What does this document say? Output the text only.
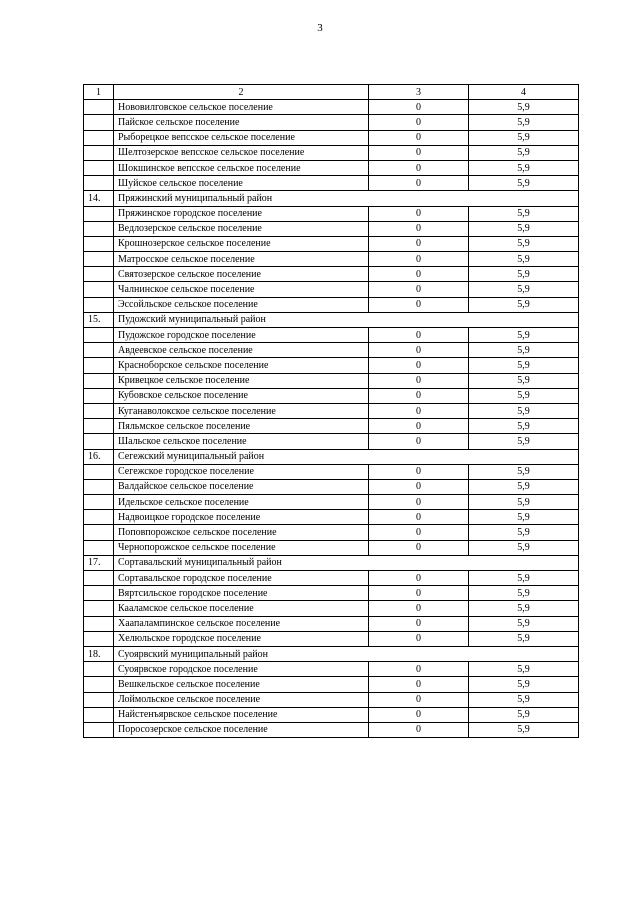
3
1	2	3	4
	Нововилговское сельское поселение	0	5,9
	Пайское сельское поселение	0	5,9
	Рыборецкое вепсское сельское поселение	0	5,9
	Шелтозерское вепсское сельское поселение	0	5,9
	Шокшинское вепсское сельское поселение	0	5,9
	Шуйское сельское поселение	0	5,9
14.	Пряжинский муниципальный район		
	Пряжинское городское поселение	0	5,9
	Ведлозерское сельское поселение	0	5,9
	Крошнозерское сельское поселение	0	5,9
	Матросское сельское поселение	0	5,9
	Святозерское сельское поселение	0	5,9
	Чалнинское сельское поселение	0	5,9
	Эссойльское сельское поселение	0	5,9
15.	Пудожский муниципальный район		
	Пудожское городское поселение	0	5,9
	Авдеевское сельское поселение	0	5,9
	Красноборское сельское поселение	0	5,9
	Кривецкое сельское поселение	0	5,9
	Кубовское сельское поселение	0	5,9
	Куганаволокское сельское поселение	0	5,9
	Пяльмское сельское поселение	0	5,9
	Шальское сельское поселение	0	5,9
16.	Сегежский муниципальный район		
	Сегежское городское поселение	0	5,9
	Валдайское сельское поселение	0	5,9
	Идельское сельское поселение	0	5,9
	Надвоицкое городское поселение	0	5,9
	Поповпорожское сельское поселение	0	5,9
	Чернопорожское сельское поселение	0	5,9
17.	Сортавальский муниципальный район		
	Сортавальское городское поселение	0	5,9
	Вяртсильское городское поселение	0	5,9
	Кааламское сельское поселение	0	5,9
	Хаапалампинское сельское поселение	0	5,9
	Хелюльское городское поселение	0	5,9
18.	Суоярвский муниципальный район		
	Суоярвское городское поселение	0	5,9
	Вешкельское сельское поселение	0	5,9
	Лоймольское сельское поселение	0	5,9
	Найстенъярвское сельское поселение	0	5,9
	Поросозерское сельское поселение	0	5,9
